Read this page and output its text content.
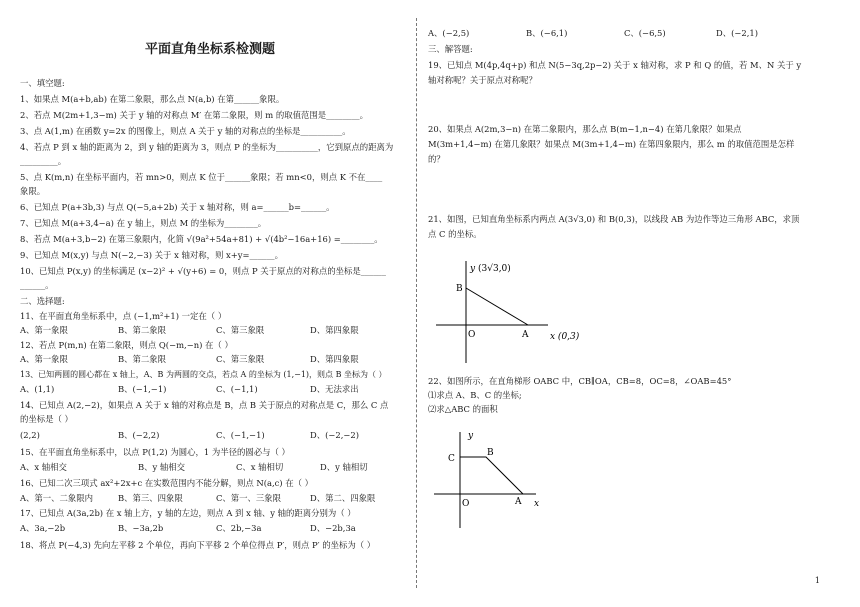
平面直角坐标系检测题
一、填空题:
1、如果点 M(a+b,ab) 在第二象限，那么点 N(a,b) 在第______象限。
2、若点 M(2m+1,3−m) 关于 y 轴的对称点 M′ 在第二象限，则 m 的取值范围是________。
3、点 A(1,m) 在函数 y=2x 的图像上，则点 A 关于 y 轴的对称点的坐标是__________。
4、若点 P 到 x 轴的距离为 2，到 y 轴的距离为 3，则点 P 的坐标为__________，它到原点的距离为
_________。
5、点 K(m,n) 在坐标平面内，若 mn>0，则点 K 位于______象限；若 mn<0，则点 K 不在____
象限。
6、已知点 P(a+3b,3) 与点 Q(−5,a+2b) 关于 x 轴对称，则 a=______b=______。
7、已知点 M(a+3,4−a) 在 y 轴上，则点 M 的坐标为________。
8、若点 M(a+3,b−2) 在第三象限内，化简 √(9a²+54a+81) + √(4b²−16a+16) =________。
9、已知点 M(x,y) 与点 N(−2,−3) 关于 x 轴对称，则 x+y=______。
10、已知点 P(x,y) 的坐标满足 (x−2)² + √(y+6) = 0，则点 P 关于原点的对称点的坐标是______
______。
二、选择题:
11、在平面直角坐标系中，点 (−1,m²+1) 一定在（ ）
A、第一象限	B、第二象限	C、第三象限	D、第四象限
12、若点 P(m,n) 在第二象限，则点 Q(−m,−n) 在（ ）
A、第一象限	B、第二象限	C、第三象限	D、第四象限
13、已知两圆的圆心都在 x 轴上，A、B 为两圆的交点，若点 A 的坐标为 (1,−1)，则点 B 坐标为（ ）
A、(1,1)	B、(−1,−1)	C、(−1,1)	D、无法求出
14、已知点 A(2,−2)，如果点 A 关于 x 轴的对称点是 B，点 B 关于原点的对称点是 C，那么 C 点
的坐标是（ ）
(2,2)	B、(−2,2)	C、(−1,−1)	D、(−2,−2)
15、在平面直角坐标系中，以点 P(1,2) 为圆心，1 为半径的圆必与（ ）
A、x 轴相交	B、y 轴相交	C、x 轴相切	D、y 轴相切
16、已知二次三项式 ax²+2x+c 在实数范围内不能分解，则点 N(a,c) 在（ ）
A、第一、二象限内	B、第三、四象限	C、第一、三象限	D、第二、四象限
17、已知点 A(3a,2b) 在 x 轴上方，y 轴的左边，则点 A 到 x 轴、y 轴的距离分别为（ ）
A、3a,−2b	B、−3a,2b	C、2b,−3a	D、−2b,3a
18、将点 P(−4,3) 先向左平移 2 个单位，再向下平移 2 个单位得点 P′，则点 P′ 的坐标为（ ）
A、(−2,5)	B、(−6,1)	C、(−6,5)	D、(−2,1)
三、解答题:
19、已知点 M(4p,4q+p) 和点 N(5−3q,2p−2) 关于 x 轴对称，求 P 和 Q 的值，若 M、N 关于 y
轴对称呢？关于原点对称呢？
20、如果点 A(2m,3−n) 在第二象限内，那么点 B(m−1,n−4) 在第几象限？如果点
M(3m+1,4−m) 在第几象限？如果点 M(3m+1,4−m) 在第四象限内，那么 m 的取值范围是怎样
的？
21、如图，已知直角坐标系内两点 A(3√3,0) 和 B(0,3)，以线段 AB 为边作等边三角形 ABC，求顶
点 C 的坐标。
y (3√3,0)
B
O	A x (0,3)
22、如图所示，在直角梯形 OABC 中，CB∥OA，CB=8，OC=8，∠OAB=45°
⑴求点 A、B、C 的坐标;
⑵求△ABC 的面积
y
C
B
O	A x
1
